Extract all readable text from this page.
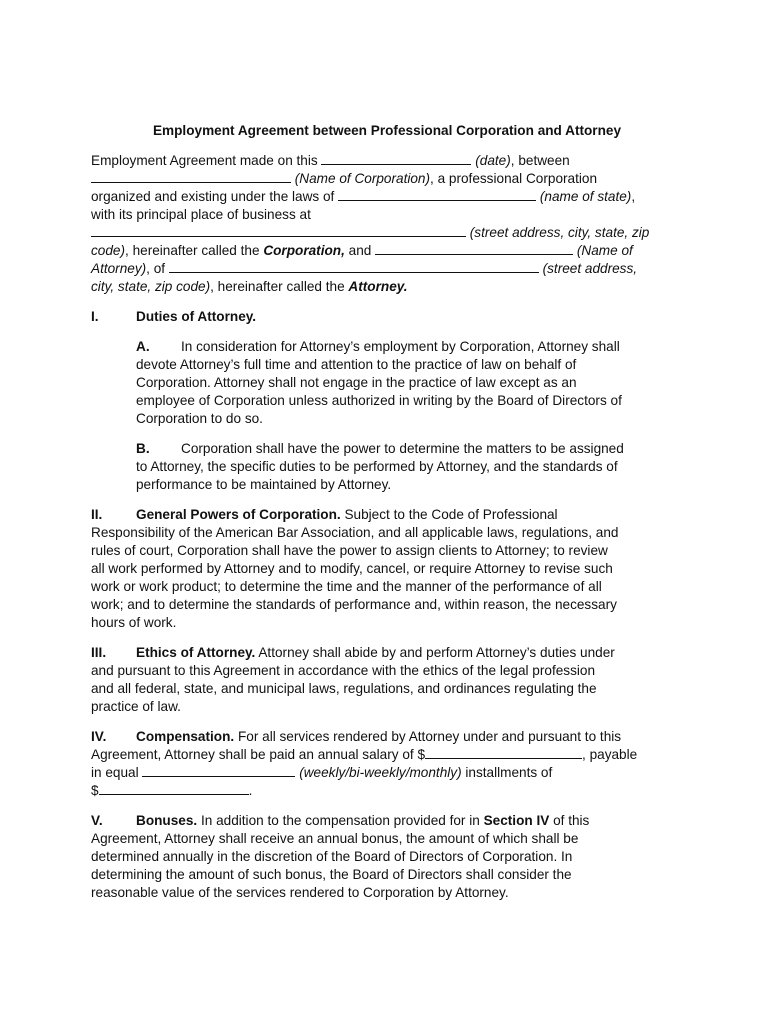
Employment Agreement between Professional Corporation and Attorney
Employment Agreement made on this	(date), between
(Name of Corporation), a professional Corporation
organized and existing under the laws of	(name of state),
with its principal place of business at
(street address, city, state, zip
code), hereinafter called the Corporation, and	(Name of
Attorney), of	(street address,
city, state, zip code), hereinafter called the Attorney.
I.	Duties of Attorney.
A. In consideration for Attorney’s employment by Corporation, Attorney shall
devote Attorney’s full time and attention to the practice of law on behalf of
Corporation. Attorney shall not engage in the practice of law except as an
employee of Corporation unless authorized in writing by the Board of Directors of
Corporation to do so.
B. Corporation shall have the power to determine the matters to be assigned
to Attorney, the specific duties to be performed by Attorney, and the standards of
performance to be maintained by Attorney.
II. General Powers of Corporation. Subject to the Code of Professional
Responsibility of the American Bar Association, and all applicable laws, regulations, and
rules of court, Corporation shall have the power to assign clients to Attorney; to review
all work performed by Attorney and to modify, cancel, or require Attorney to revise such
work or work product; to determine the time and the manner of the performance of all
work; and to determine the standards of performance and, within reason, the necessary
hours of work.
III. Ethics of Attorney. Attorney shall abide by and perform Attorney’s duties under
and pursuant to this Agreement in accordance with the ethics of the legal profession
and all federal, state, and municipal laws, regulations, and ordinances regulating the
practice of law.
IV. Compensation. For all services rendered by Attorney under and pursuant to this
Agreement, Attorney shall be paid an annual salary of $	, payable
in equal	(weekly/bi-weekly/monthly) installments of
$	.
V. Bonuses. In addition to the compensation provided for in Section IV of this
Agreement, Attorney shall receive an annual bonus, the amount of which shall be
determined annually in the discretion of the Board of Directors of Corporation. In
determining the amount of such bonus, the Board of Directors shall consider the
reasonable value of the services rendered to Corporation by Attorney.
